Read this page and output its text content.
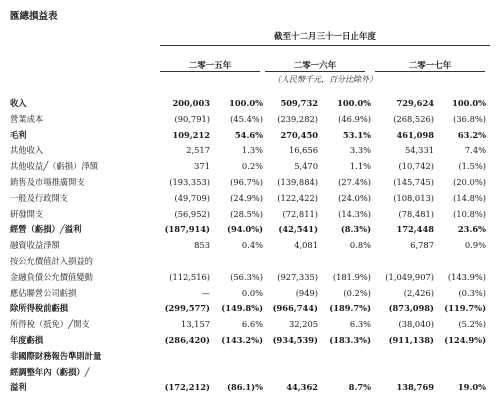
匯總損益表
截至十二月三十一日止年度
二零一五年	二零一六年	二零一七年
（人民幣千元，百分比除外）
收入	200,003	100.0%	509,732	100.0%	729,624	100.0%
營業成本	(90,791)	(45.4%)	(239,282)	(46.9%)	(268,526)	(36.8%)
毛利	109,212	54.6%	270,450	53.1%	461,098	63.2%
其他收入	2,517	1.3%	16,656	3.3%	54,331	7.4%
其他收益╱（虧損）淨額	371	0.2%	5,470	1.1%	(10,742)	(1.5%)
銷售及市場推廣開支	(193,353)	(96.7%)	(139,884)	(27.4%)	(145,745)	(20.0%)
一般及行政開支	(49,709)	(24.9%)	(122,422)	(24.0%)	(108,013)	(14.8%)
研發開支	(56,952)	(28.5%)	(72,811)	(14.3%)	(78,481)	(10.8%)
經營（虧損）╱溢利	(187,914)	(94.0%)	(42,541)	(8.3%)	172,448	23.6%
融資收益淨額	853	0.4%	4,081	0.8%	6,787	0.9%
按公允價值計入損益的
金融負債公允價值變動	(112,516)	(56.3%)	(927,335)	(181.9%)	(1,049,907)	(143.9%)
應佔聯營公司虧損	—	0.0%	(949)	(0.2%)	(2,426)	(0.3%)
除所得稅前虧損	(299,577)	(149.8%)	(966,744)	(189.7%)	(873,098)	(119.7%)
所得稅（抵免）╱開支	13,157	6.6%	32,205	6.3%	(38,040)	(5.2%)
年度虧損	(286,420)	(143.2%)	(934,539)	(183.3%)	(911,138)	(124.9%)
非國際財務報告準則計量
經調整年內（虧損）╱
溢利	(172,212)	(86.1)%	44,362	8.7%	138,769	19.0%
